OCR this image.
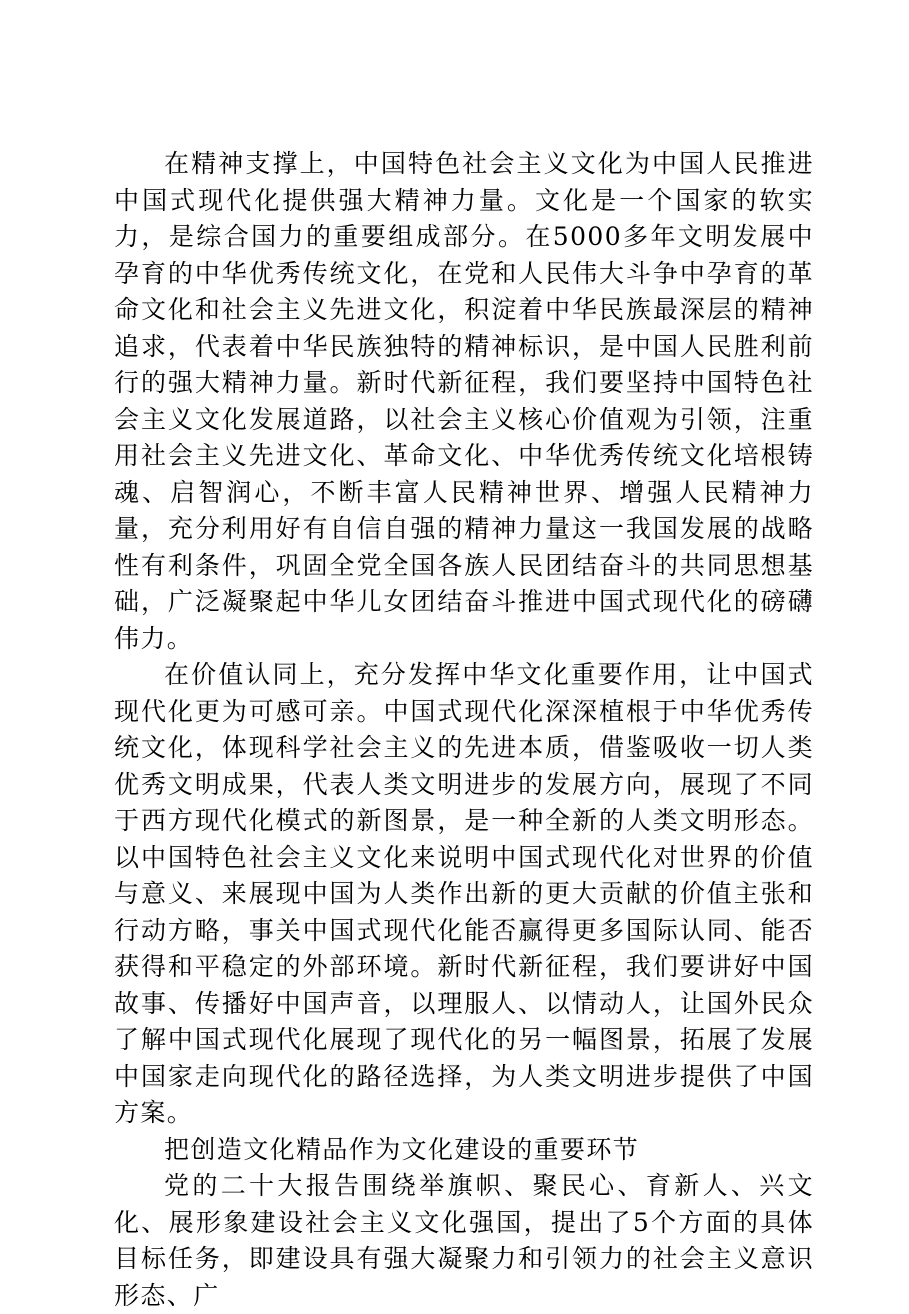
在精神支撑上，中国特色社会主义文化为中国人民推进中国式现代化提供强大精神力量。文化是一个国家的软实力，是综合国力的重要组成部分。在5000多年文明发展中孕育的中华优秀传统文化，在党和人民伟大斗争中孕育的革命文化和社会主义先进文化，积淀着中华民族最深层的精神追求，代表着中华民族独特的精神标识，是中国人民胜利前行的强大精神力量。新时代新征程，我们要坚持中国特色社会主义文化发展道路，以社会主义核心价值观为引领，注重用社会主义先进文化、革命文化、中华优秀传统文化培根铸魂、启智润心，不断丰富人民精神世界、增强人民精神力量，充分利用好有自信自强的精神力量这一我国发展的战略性有利条件，巩固全党全国各族人民团结奋斗的共同思想基础，广泛凝聚起中华儿女团结奋斗推进中国式现代化的磅礴伟力。

在价值认同上，充分发挥中华文化重要作用，让中国式现代化更为可感可亲。中国式现代化深深植根于中华优秀传统文化，体现科学社会主义的先进本质，借鉴吸收一切人类优秀文明成果，代表人类文明进步的发展方向，展现了不同于西方现代化模式的新图景，是一种全新的人类文明形态。以中国特色社会主义文化来说明中国式现代化对世界的价值与意义、来展现中国为人类作出新的更大贡献的价值主张和行动方略，事关中国式现代化能否赢得更多国际认同、能否获得和平稳定的外部环境。新时代新征程，我们要讲好中国故事、传播好中国声音，以理服人、以情动人，让国外民众了解中国式现代化展现了现代化的另一幅图景，拓展了发展中国家走向现代化的路径选择，为人类文明进步提供了中国方案。

把创造文化精品作为文化建设的重要环节

党的二十大报告围绕举旗帜、聚民心、育新人、兴文化、展形象建设社会主义文化强国，提出了5个方面的具体目标任务，即建设具有强大凝聚力和引领力的社会主义意识形态、广
